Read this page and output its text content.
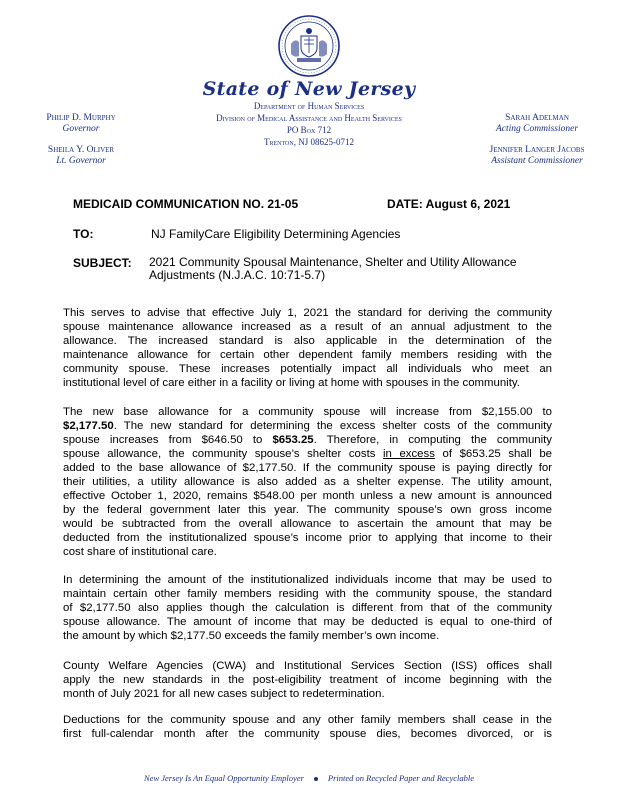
State of New Jersey
Department of Human Services
Division of Medical Assistance and Health Services
PO Box 712
Trenton, NJ 08625-0712
Philip D. Murphy
Governor
Sheila Y. Oliver
Lt. Governor
Sarah Adelman
Acting Commissioner
Jennifer Langer Jacobs
Assistant Commissioner
MEDICAID COMMUNICATION NO. 21-05	DATE: August 6, 2021
TO:	NJ FamilyCare Eligibility Determining Agencies
SUBJECT: 2021 Community Spousal Maintenance, Shelter and Utility Allowance
Adjustments (N.J.A.C. 10:71-5.7)
This serves to advise that effective July 1, 2021 the standard for deriving the community
spouse maintenance allowance increased as a result of an annual adjustment to the
allowance. The increased standard is also applicable in the determination of the
maintenance allowance for certain other dependent family members residing with the
community spouse. These increases potentially impact all individuals who meet an
institutional level of care either in a facility or living at home with spouses in the community.
The new base allowance for a community spouse will increase from $2,155.00 to
$2,177.50. The new standard for determining the excess shelter costs of the community
spouse increases from $646.50 to $653.25. Therefore, in computing the community
spouse allowance, the community spouse’s shelter costs in excess of $653.25 shall be
added to the base allowance of $2,177.50. If the community spouse is paying directly for
their utilities, a utility allowance is also added as a shelter expense. The utility amount,
effective October 1, 2020, remains $548.00 per month unless a new amount is announced
by the federal government later this year. The community spouse’s own gross income
would be subtracted from the overall allowance to ascertain the amount that may be
deducted from the institutionalized spouse’s income prior to applying that income to their
cost share of institutional care.
In determining the amount of the institutionalized individuals income that may be used to
maintain certain other family members residing with the community spouse, the standard
of $2,177.50 also applies though the calculation is different from that of the community
spouse allowance. The amount of income that may be deducted is equal to one-third of
the amount by which $2,177.50 exceeds the family member’s own income.
County Welfare Agencies (CWA) and Institutional Services Section (ISS) offices shall
apply the new standards in the post-eligibility treatment of income beginning with the
month of July 2021 for all new cases subject to redetermination.
Deductions for the community spouse and any other family members shall cease in the
first full-calendar month after the community spouse dies, becomes divorced, or is
New Jersey Is An Equal Opportunity Employer	Printed on Recycled Paper and Recyclable
